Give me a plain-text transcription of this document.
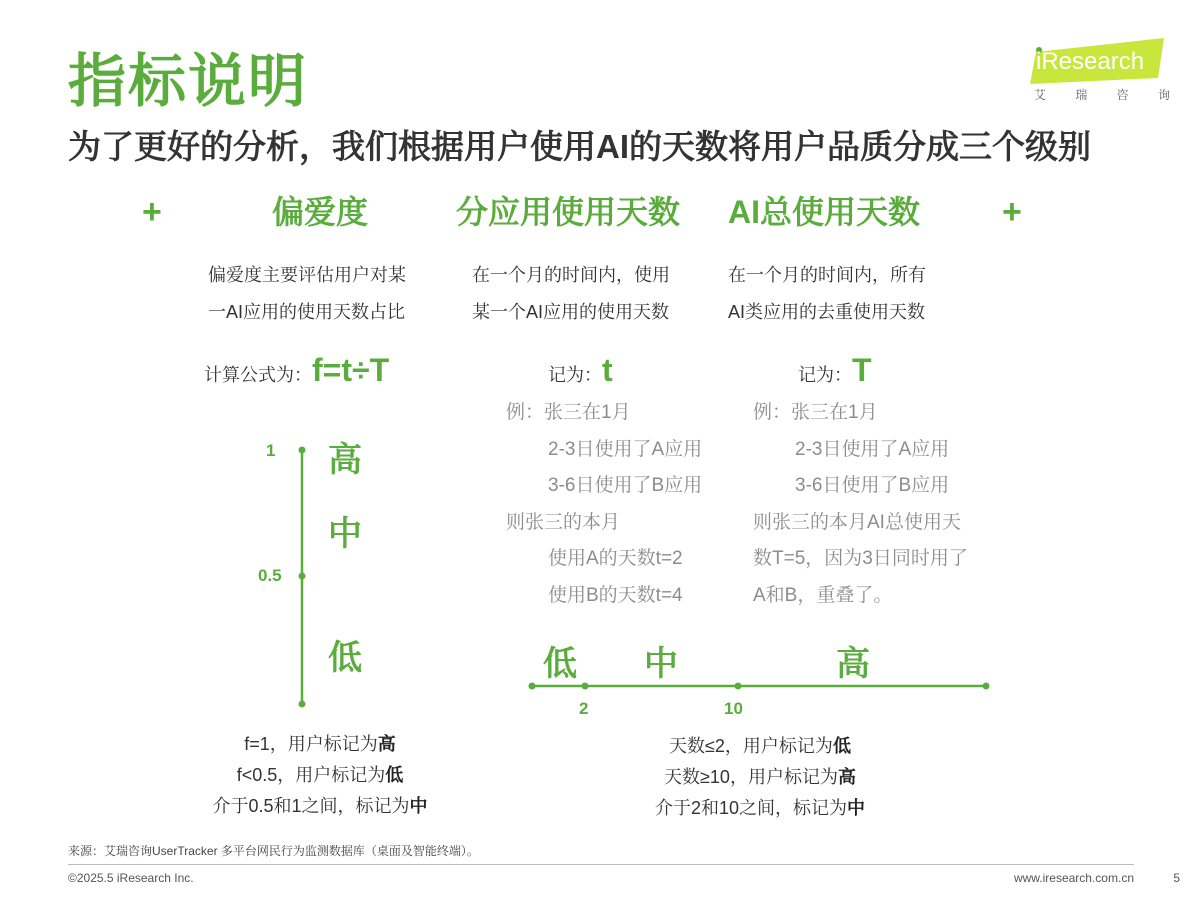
指标说明
为了更好的分析，我们根据用户使用AI的天数将用户品质分成三个级别
iResearch
艾 瑞 咨 询
+	偏爱度	分应用使用天数 AI总使用天数 +
偏爱度主要评估用户对某
一AI应用的使用天数占比
在一个月的时间内，使用
某一个AI应用的使用天数
在一个月的时间内，所有
AI类应用的去重使用天数
计算公式为： f=t÷T	记为： t	记为： T
例：张三在1月
2-3日使用了A应用
3-6日使用了B应用
则张三的本月
使用A的天数t=2
使用B的天数t=4
例：张三在1月
2-3日使用了A应用
3-6日使用了B应用
则张三的本月AI总使用天
数T=5，因为3日同时用了
A和B，重叠了。
1
0.5
高
中
低	低 中	高
2	10
f=1，用户标记为高
f<0.5，用户标记为低
介于0.5和1之间，标记为中
天数≤2，用户标记为低
天数≥10，用户标记为高
介于2和10之间，标记为中
来源：艾瑞咨询UserTracker 多平台网民行为监测数据库（桌面及智能终端）。
©2025.5 iResearch Inc.	www.iresearch.com.cn	5
